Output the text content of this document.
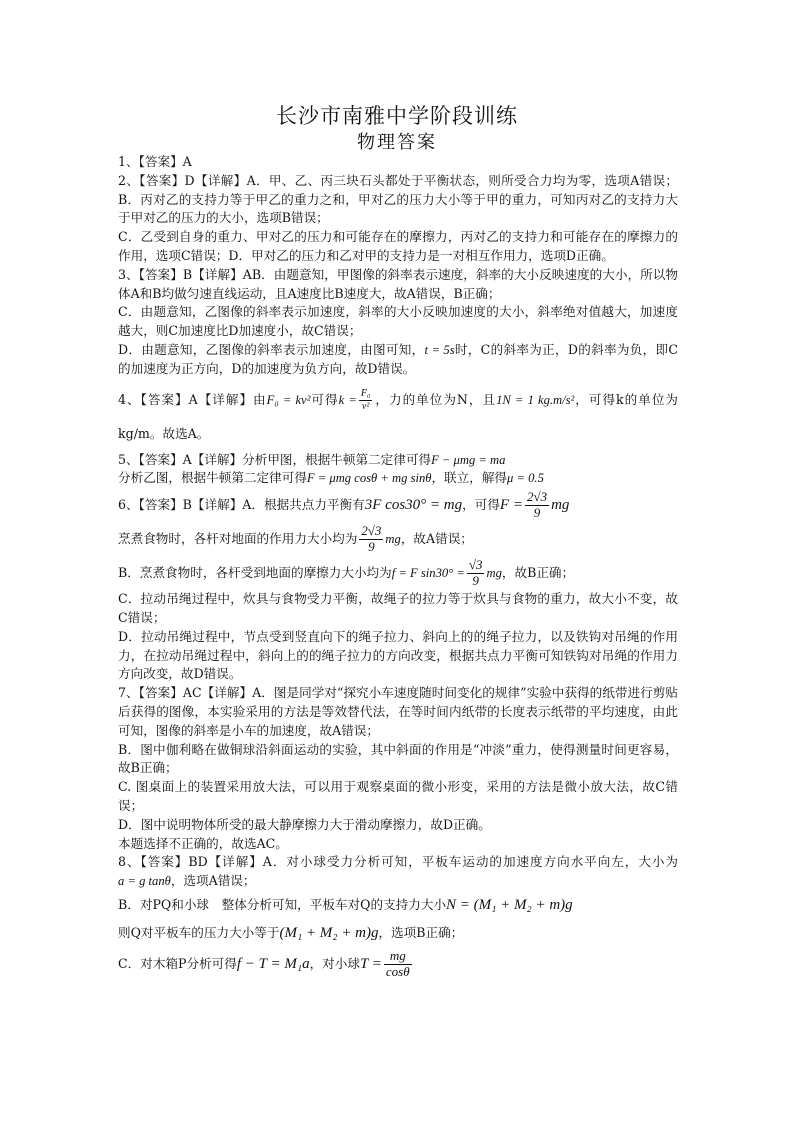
长沙市南雅中学阶段训练
物理答案

1、【答案】A

2、【答案】D【详解】A．甲、乙、丙三块石头都处于平衡状态，则所受合力均为零，选项A错误；B．丙对乙的支持力等于甲乙的重力之和，甲对乙的压力大小等于甲的重力，可知丙对乙的支持力大于甲对乙的压力的大小，选项B错误；

C．乙受到自身的重力、甲对乙的压力和可能存在的摩擦力，丙对乙的支持力和可能存在的摩擦力的作用，选项C错误；D．甲对乙的压力和乙对甲的支持力是一对相互作用力，选项D正确。

3、【答案】B【详解】AB．由题意知，甲图像的斜率表示速度，斜率的大小反映速度的大小，所以物体A和B均做匀速直线运动，且A速度比B速度大，故A错误，B正确；

C．由题意知，乙图像的斜率表示加速度，斜率的大小反映加速度的大小，斜率绝对值越大，加速度越大，则C加速度比D加速度小，故C错误；

D．由题意知，乙图像的斜率表示加速度，由图可知，t = 5s时，C的斜率为正，D的斜率为负，即C的加速度为正方向，D的加速度为负方向，故D错误。

4、【答案】A【详解】由F₀ = kv²可得$k = \frac{\text{F₀}}{\text{v²}}$ ，力的单位为N，且1N = 1 kg.m/s²，可得k的单位为kg/m。故选A。

5、【答案】A【详解】分析甲图，根据牛顿第二定律可得F − μmg = ma
分析乙图，根据牛顿第二定律可得F = μmg cosθ + mg sinθ，联立，解得μ = 0.5

6、【答案】B【详解】A．根据共点力平衡有3F cos30° = mg，可得$F = \frac{2√3}{9}$ mg

烹煮食物时，各杆对地面的作用力大小均为 $\frac{2√3}{9}$ mg，故A错误；

B．烹煮食物时，各杆受到地面的摩擦力大小均为f = F $\sin 30^\circ = \frac{√3}{9}$ mg，故B正确；

C．拉动吊绳过程中，炊具与食物受力平衡，故绳子的拉力等于炊具与食物的重力，故大小不变，故C错误；

D．拉动吊绳过程中，节点受到竖直向下的绳子拉力、斜向上的的绳子拉力，以及铁钩对吊绳的作用力，在拉动吊绳过程中，斜向上的的绳子拉力的方向改变，根据共点力平衡可知铁钩对吊绳的作用力方向改变，故D错误。

7、【答案】AC【详解】A．图是同学对“探究小车速度随时间变化的规律”实验中获得的纸带进行剪贴后获得的图像，本实验采用的方法是等效替代法，在等时间内纸带的长度表示纸带的平均速度，由此可知，图像的斜率是小车的加速度，故A错误；

B．图中伽利略在做铜球沿斜面运动的实验，其中斜面的作用是“冲淡”重力，使得测量时间更容易，故B正确；

C. 图桌面上的装置采用放大法，可以用于观察桌面的微小形变，采用的方法是微小放大法，故C错误；

D．图中说明物体所受的最大静摩擦力大于滑动摩擦力，故D正确。

本题选择不正确的，故选AC。

8、【答案】BD【详解】A．对小球受力分析可知，平板车运动的加速度方向水平向左，大小为a = g tanθ，选项A错误；

B．对PQ和小球　整体分析可知，平板车对Q的支持力大小N = (M₁ + M₂ + m)g

则Q对平板车的压力大小等于(M₁ + M₂ + m)g，选项B正确；

C．对木箱P分析可得f − T = M₁a，对小球$T = \frac{mg}{\cos\theta}$
